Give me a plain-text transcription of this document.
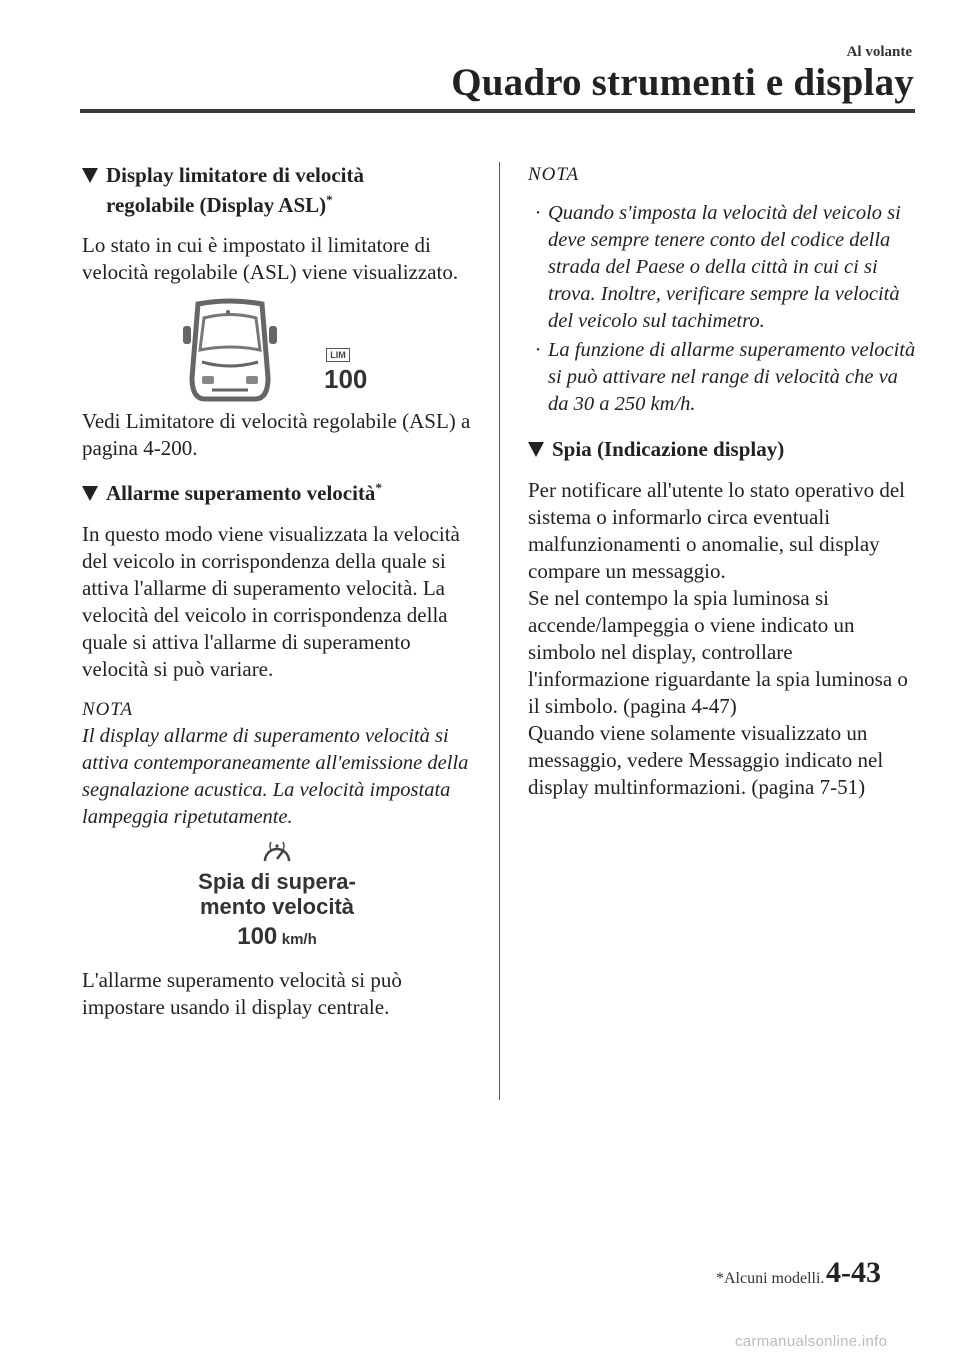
Al volante
Quadro strumenti e display
Display limitatore di velocità
regolabile (Display ASL)*

Lo stato in cui è impostato il limitatore di velocità regolabile (ASL) viene visualizzato.

LIM
100

Vedi Limitatore di velocità regolabile (ASL) a pagina 4-200.

Allarme superamento velocità*

In questo modo viene visualizzata la velocità del veicolo in corrispondenza della quale si attiva l'allarme di superamento velocità. La velocità del veicolo in corrispondenza della quale si attiva l'allarme di superamento velocità si può variare.

NOTA

Il display allarme di superamento velocità si attiva contemporaneamente all'emissione della segnalazione acustica. La velocità impostata lampeggia ripetutamente.

Spia di supera-
mento velocità
100 km/h

L'allarme superamento velocità si può impostare usando il display centrale.

NOTA

· Quando s'imposta la velocità del veicolo si deve sempre tenere conto del codice della strada del Paese o della città in cui ci si trova. Inoltre, verificare sempre la velocità del veicolo sul tachimetro.
· La funzione di allarme superamento velocità si può attivare nel range di velocità che va da 30 a 250 km/h.
Spia (Indicazione display)

Per notificare all'utente lo stato operativo del sistema o informarlo circa eventuali malfunzionamenti o anomalie, sul display compare un messaggio.
Se nel contempo la spia luminosa si accende/lampeggia o viene indicato un simbolo nel display, controllare l'informazione riguardante la spia luminosa o il simbolo. (pagina 4-47)
Quando viene solamente visualizzato un messaggio, vedere Messaggio indicato nel display multinformazioni. (pagina 7-51)

*Alcuni modelli. 4-43
carmanualsonline.info
